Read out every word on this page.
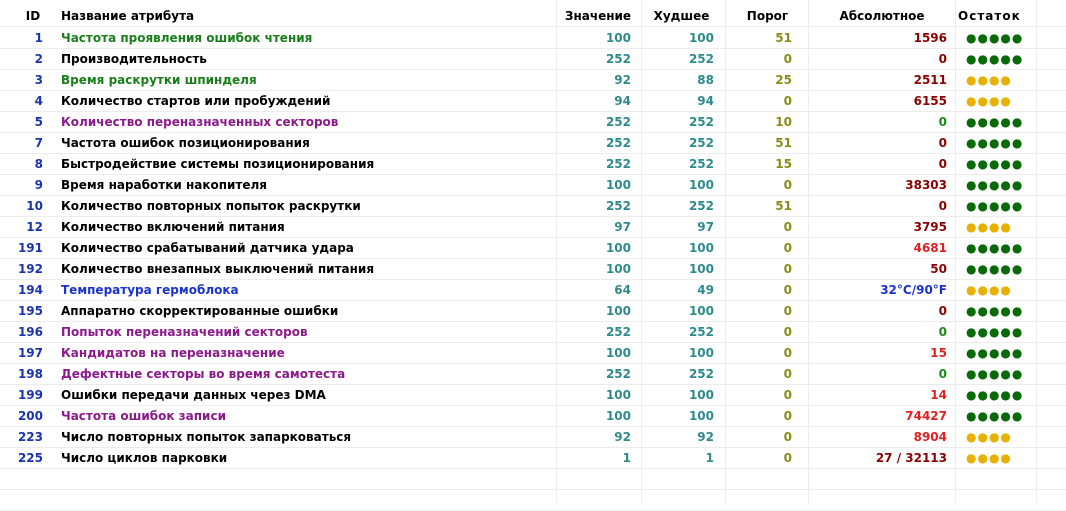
ID	Название атрибута	Значение	Худшее	Порог	Абсолютное	Остаток
1 Частота проявления ошибок чтения	100	100	51	1596 ●●●●●
2 Производительность	252	252	0	0 ●●●●●
3 Время раскрутки шпинделя	92	88	25	2511 ●●●●
4 Количество стартов или пробуждений	94	94	0	6155 ●●●●
5 Количество переназначенных секторов	252	252	10	0 ●●●●●
7 Частота ошибок позиционирования	252	252	51	0 ●●●●●
8 Быстродействие системы позиционирования	252	252	15	0 ●●●●●
9 Время наработки накопителя	100	100	0	38303 ●●●●●
10 Количество повторных попыток раскрутки	252	252	51	0 ●●●●●
12 Количество включений питания	97	97	0	3795 ●●●●
191 Количество срабатываний датчика удара	100	100	0	4681 ●●●●●
192 Количество внезапных выключений питания	100	100	0	50 ●●●●●
194 Температура гермоблока	64	49	0	32°C/90°F ●●●●
195 Аппаратно скорректированные ошибки	100	100	0	0 ●●●●●
196 Попыток переназначений секторов	252	252	0	0 ●●●●●
197 Кандидатов на переназначение	100	100	0	15 ●●●●●
198 Дефектные секторы во время самотеста	252	252	0	0 ●●●●●
199 Ошибки передачи данных через DMA	100	100	0	14 ●●●●●
200 Частота ошибок записи	100	100	0	74427 ●●●●●
223 Число повторных попыток запарковаться	92	92	0	8904 ●●●●
225 Число циклов парковки	1	1	0	27 / 32113 ●●●●
